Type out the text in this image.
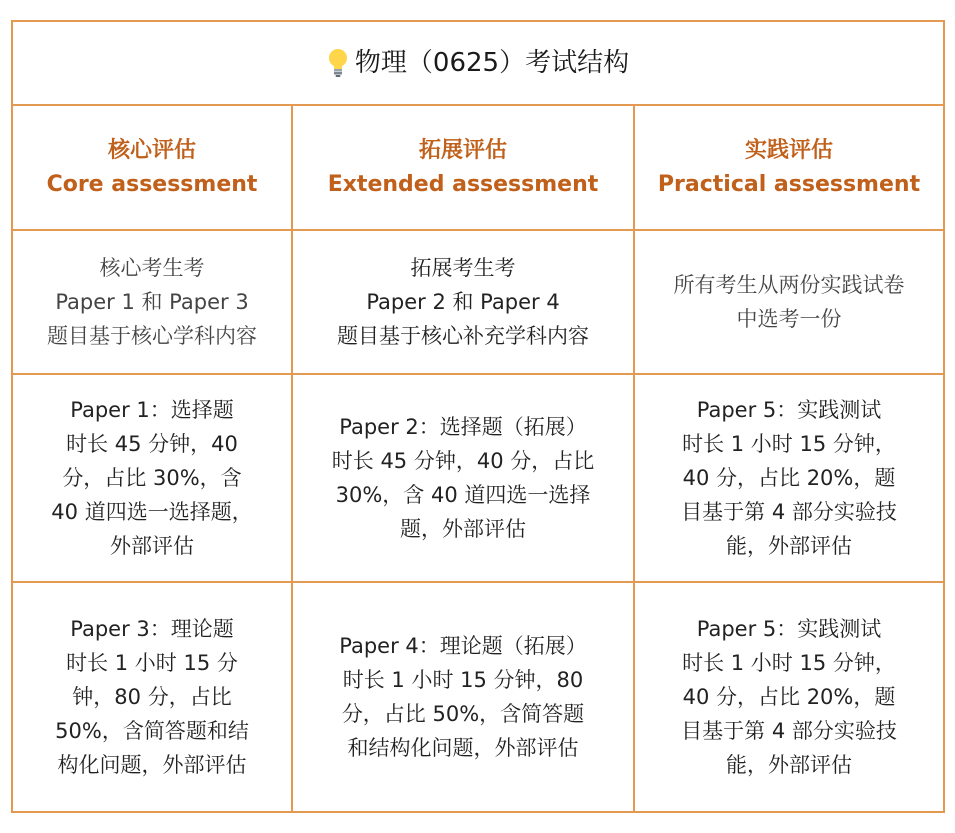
物理（0625）考试结构
核心评估
Core assessment
拓展评估
Extended assessment
实践评估
Practical assessment
核心考生考
Paper 1 和 Paper 3
题目基于核心学科内容
拓展考生考
Paper 2 和 Paper 4
题目基于核心补充学科内容
所有考生从两份实践试卷
中选考一份
Paper 1：选择题
时长 45 分钟，40
分，占比 30%，含
40 道四选一选择题，
外部评估
Paper 2：选择题（拓展）
时长 45 分钟，40 分，占比
30%，含 40 道四选一选择
题，外部评估
Paper 5：实践测试
时长 1 小时 15 分钟，
40 分，占比 20%，题
目基于第 4 部分实验技
能，外部评估
Paper 3：理论题
时长 1 小时 15 分
钟，80 分，占比
50%，含简答题和结
构化问题，外部评估
Paper 4：理论题（拓展）
时长 1 小时 15 分钟，80
分，占比 50%，含简答题
和结构化问题，外部评估
Paper 5：实践测试
时长 1 小时 15 分钟，
40 分，占比 20%，题
目基于第 4 部分实验技
能，外部评估
